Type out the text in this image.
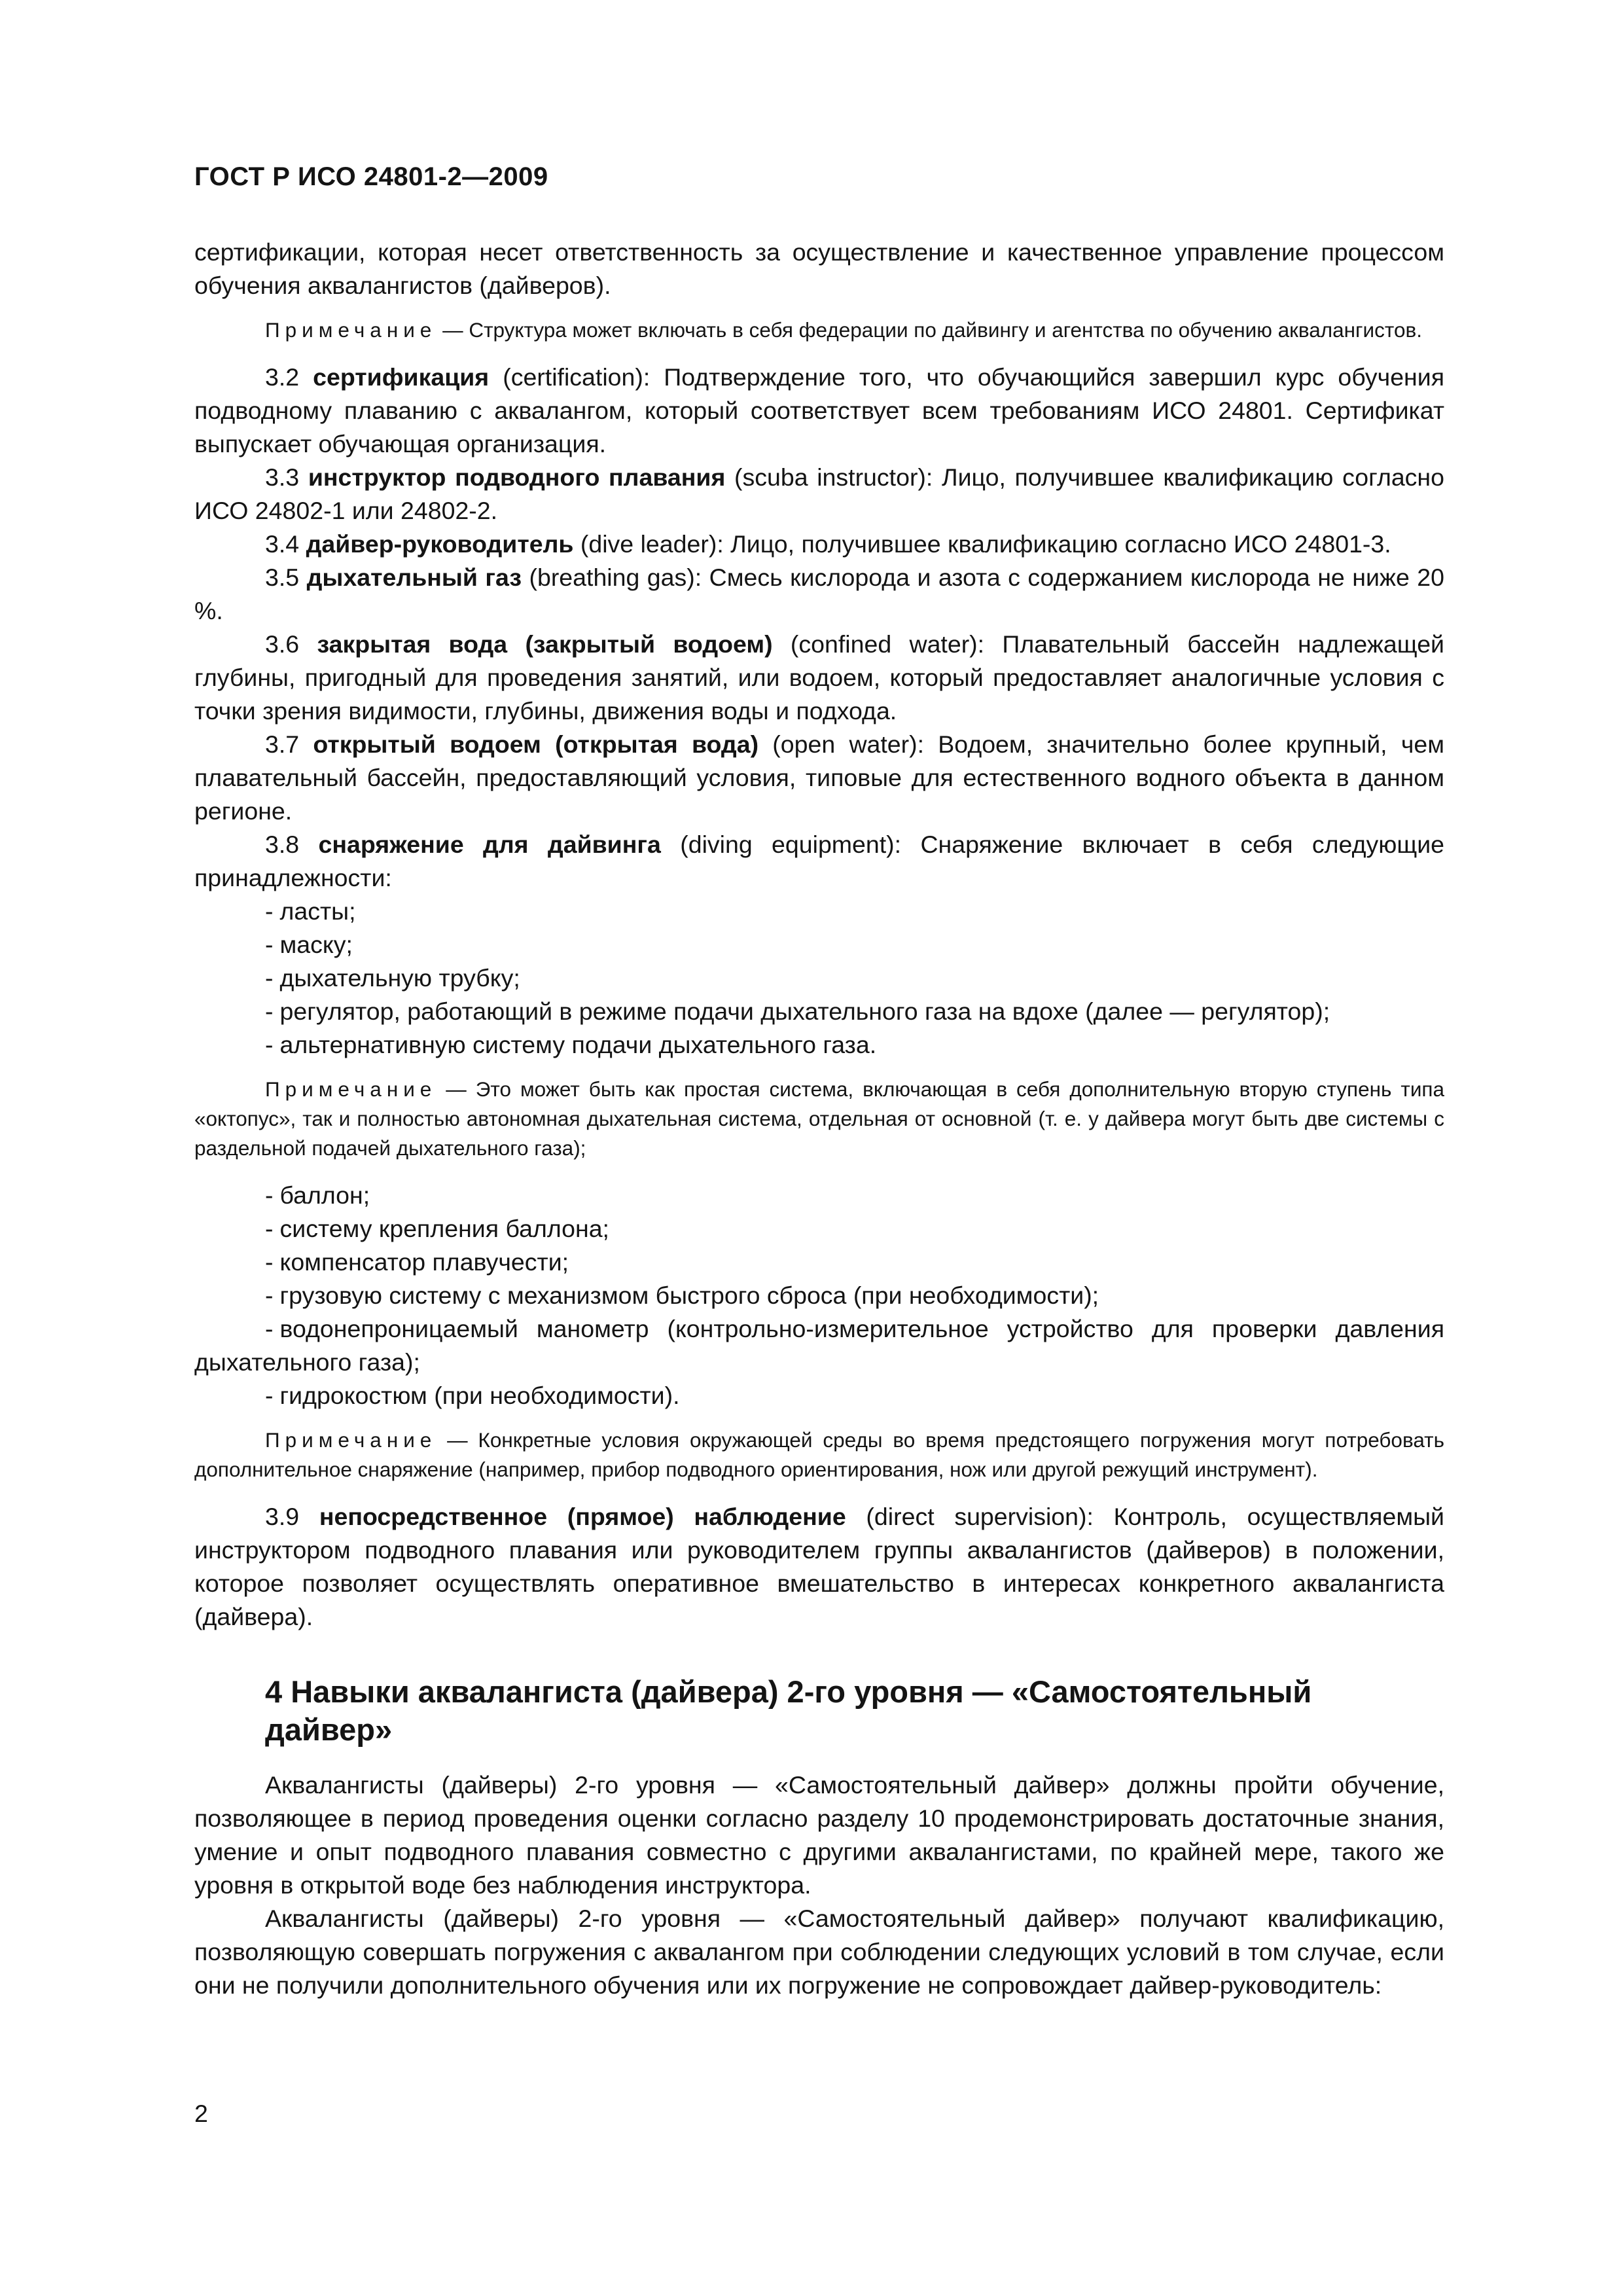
ГОСТ Р ИСО 24801-2—2009

сертификации, которая несет ответственность за осуществление и качественное управление процессом обучения аквалангистов (дайверов).

Примечание — Структура может включать в себя федерации по дайвингу и агентства по обучению аквалангистов.

3.2 сертификация (certification): Подтверждение того, что обучающийся завершил курс обучения подводному плаванию с аквалангом, который соответствует всем требованиям ИСО 24801. Сертификат выпускает обучающая организация.

3.3 инструктор подводного плавания (scuba instructor): Лицо, получившее квалификацию согласно ИСО 24802-1 или 24802-2.

3.4 дайвер-руководитель (dive leader): Лицо, получившее квалификацию согласно ИСО 24801-3.

3.5 дыхательный газ (breathing gas): Смесь кислорода и азота с содержанием кислорода не ниже 20 %.

3.6 закрытая вода (закрытый водоем) (confined water): Плавательный бассейн надлежащей глубины, пригодный для проведения занятий, или водоем, который предоставляет аналогичные условия с точки зрения видимости, глубины, движения воды и подхода.

3.7 открытый водоем (открытая вода) (open water): Водоем, значительно более крупный, чем плавательный бассейн, предоставляющий условия, типовые для естественного водного объекта в данном регионе.

3.8 снаряжение для дайвинга (diving equipment): Снаряжение включает в себя следующие принадлежности:

- ласты;
- маску;
- дыхательную трубку;
- регулятор, работающий в режиме подачи дыхательного газа на вдохе (далее — регулятор);
- альтернативную систему подачи дыхательного газа.

Примечание — Это может быть как простая система, включающая в себя дополнительную вторую ступень типа «октопус», так и полностью автономная дыхательная система, отдельная от основной (т. е. у дайвера могут быть две системы с раздельной подачей дыхательного газа);

- баллон;
- систему крепления баллона;
- компенсатор плавучести;
- грузовую систему с механизмом быстрого сброса (при необходимости);
- водонепроницаемый манометр (контрольно-измерительное устройство для проверки давления дыхательного газа);
- гидрокостюм (при необходимости).

Примечание — Конкретные условия окружающей среды во время предстоящего погружения могут потребовать дополнительное снаряжение (например, прибор подводного ориентирования, нож или другой режущий инструмент).

3.9 непосредственное (прямое) наблюдение (direct supervision): Контроль, осуществляемый инструктором подводного плавания или руководителем группы аквалангистов (дайверов) в положении, которое позволяет осуществлять оперативное вмешательство в интересах конкретного аквалангиста (дайвера).

4 Навыки аквалангиста (дайвера) 2-го уровня — «Самостоятельный дайвер»

Аквалангисты (дайверы) 2-го уровня — «Самостоятельный дайвер» должны пройти обучение, позволяющее в период проведения оценки согласно разделу 10 продемонстрировать достаточные знания, умение и опыт подводного плавания совместно с другими аквалангистами, по крайней мере, такого же уровня в открытой воде без наблюдения инструктора.

Аквалангисты (дайверы) 2-го уровня — «Самостоятельный дайвер» получают квалификацию, позволяющую совершать погружения с аквалангом при соблюдении следующих условий в том случае, если они не получили дополнительного обучения или их погружение не сопровождает дайвер-руководитель:

2
